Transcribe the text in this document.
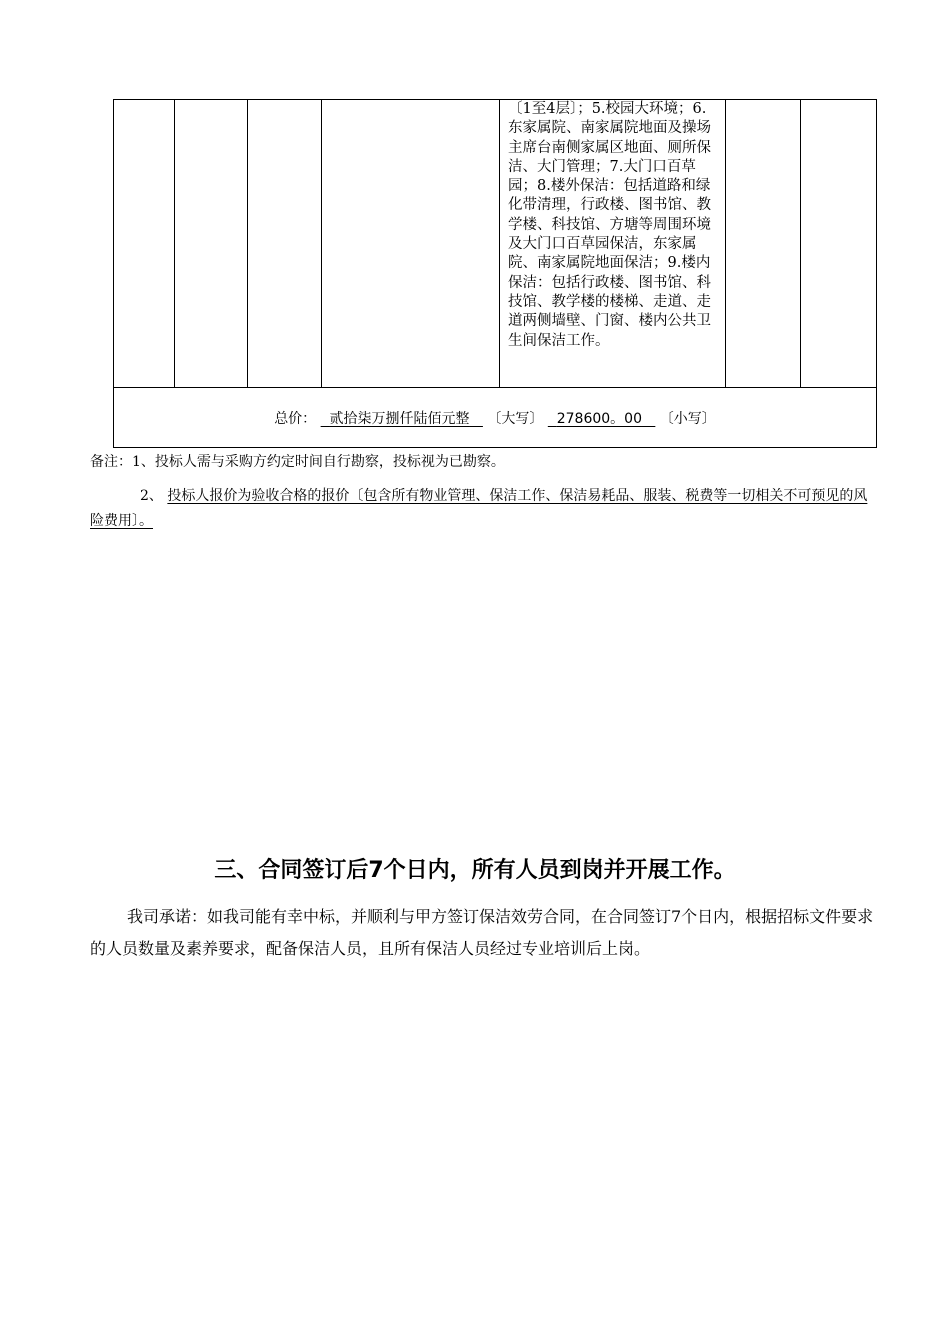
				〔1至4层〕；5.校园大环境；6.东家属院、南家属院地面及操场主席台南侧家属区地面、厕所保洁、大门管理；7.大门口百草园；8.楼外保洁：包括道路和绿化带清理，行政楼、图书馆、教学楼、科技馆、方塘等周围环境及大门口百草园保洁，东家属院、南家属院地面保洁；9.楼内保洁：包括行政楼、图书馆、科技馆、教学楼的楼梯、走道、走道两侧墙壁、门窗、楼内公共卫生间保洁工作。		
总价： 贰拾柒万捌仟陆佰元整 〔大写〕 278600。00 〔小写〕
备注：1、投标人需与采购方约定时间自行勘察，投标视为已勘察。
2、 投标人报价为验收合格的报价〔包含所有物业管理、保洁工作、保洁易耗品、服装、税费等一切相关不可预见的风险费用〕。
三、合同签订后7个日内，所有人员到岗并开展工作。
我司承诺：如我司能有幸中标，并顺利与甲方签订保洁效劳合同，在合同签订7个日内，根据招标文件要求的人员数量及素养要求，配备保洁人员，且所有保洁人员经过专业培训后上岗。
